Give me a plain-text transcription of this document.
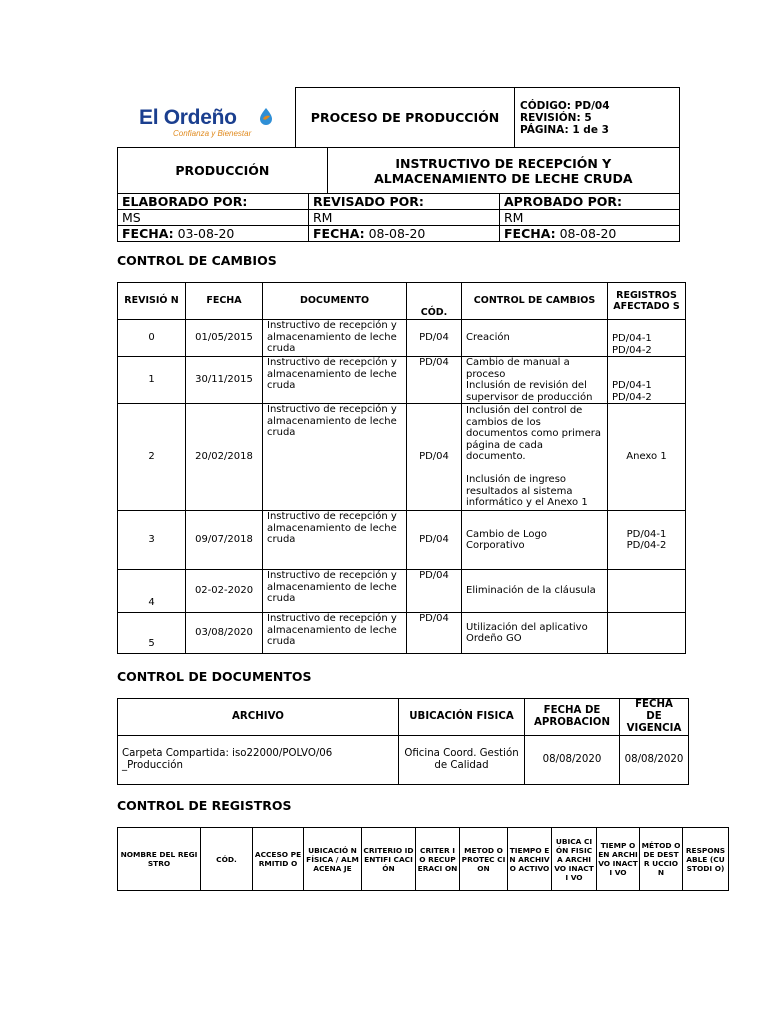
El Ordeño
Confianza y Bienestar
	PROCESO DE PRODUCCIÓN	
CÓDIGO: PD/04
REVISIÓN: 5
PÁGINA: 1 de 3
PRODUCCIÓN	INSTRUCTIVO DE RECEPCIÓN Y ALMACENAMIENTO DE LECHE CRUDA
ELABORADO POR:	REVISADO POR:	APROBADO POR:
MS	RM	RM
FECHA: 03-08-20	FECHA: 08-08-20	FECHA: 08-08-20
CONTROL DE CAMBIOS
REVISIÓ N	FECHA	DOCUMENTO	CÓD.	CONTROL DE CAMBIOS	REGISTROS AFECTADO S
0	01/05/2015	Instructivo de recepción y almacenamiento de leche cruda	PD/04	Creación	PD/04-1
PD/04-2
1	30/11/2015	Instructivo de recepción y almacenamiento de leche cruda	PD/04	Cambio de manual a proceso
Inclusión de revisión del supervisor de producción	PD/04-1
PD/04-2
2	20/02/2018	Instructivo de recepción y almacenamiento de leche cruda	PD/04	Inclusión del control de cambios de los documentos como primera página de cada documento.

Inclusión de ingreso resultados al sistema informático y el Anexo 1	Anexo 1
3	09/07/2018	Instructivo de recepción y almacenamiento de leche cruda	PD/04	Cambio de Logo Corporativo	PD/04-1
PD/04-2
4	02-02-2020	Instructivo de recepción y almacenamiento de leche cruda	PD/04	Eliminación de la cláusula	
5	03/08/2020	Instructivo de recepción y almacenamiento de leche cruda	PD/04	Utilización del aplicativo Ordeño GO	
CONTROL DE DOCUMENTOS
ARCHIVO	UBICACIÓN FISICA	FECHA DE APROBACION	FECHA DE VIGENCIA
Carpeta Compartida: iso22000/POLVO/06 _Producción	Oficina Coord. Gestión de Calidad	08/08/2020	08/08/2020
CONTROL DE REGISTROS
NOMBRE DEL REGISTRO	CÓD.	ACCESO PERMITID O	UBICACIÓ N FÍSICA / ALMACENA JE	CRITERIO IDENTIFI CACIÓN	CRITER IO RECUP ERACI ON	METOD O PROTEC CION	TIEMPO EN ARCHIV O ACTIVO	UBICA CIÓN FISICA ARCHI VO INACTI VO	TIEMP O EN ARCHI VO INACTI VO	MÉTOD O DE DESTR UCCIO N	RESPONS ABLE (CUSTODI O)
